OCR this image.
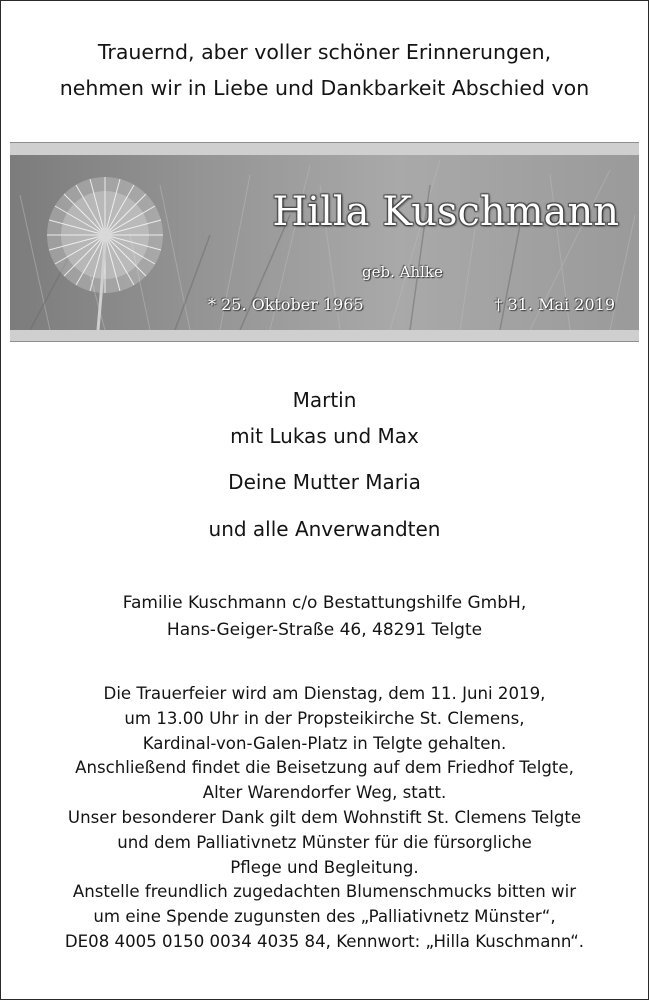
Trauernd, aber voller schöner Erinnerungen,
nehmen wir in Liebe und Dankbarkeit Abschied von
Hilla Kuschmann
geb. Ahlke
* 25. Oktober 1965	† 31. Mai 2019
Martin
mit Lukas und Max
Deine Mutter Maria
und alle Anverwandten
Familie Kuschmann c/o Bestattungshilfe GmbH,
Hans-Geiger-Straße 46, 48291 Telgte
Die Trauerfeier wird am Dienstag, dem 11. Juni 2019,
um 13.00 Uhr in der Propsteikirche St. Clemens,
Kardinal-von-Galen-Platz in Telgte gehalten.
Anschließend findet die Beisetzung auf dem Friedhof Telgte,
Alter Warendorfer Weg, statt.
Unser besonderer Dank gilt dem Wohnstift St. Clemens Telgte
und dem Palliativnetz Münster für die fürsorgliche
Pflege und Begleitung.
Anstelle freundlich zugedachten Blumenschmucks bitten wir
um eine Spende zugunsten des „Palliativnetz Münster“,
DE08 4005 0150 0034 4035 84, Kennwort: „Hilla Kuschmann“.
